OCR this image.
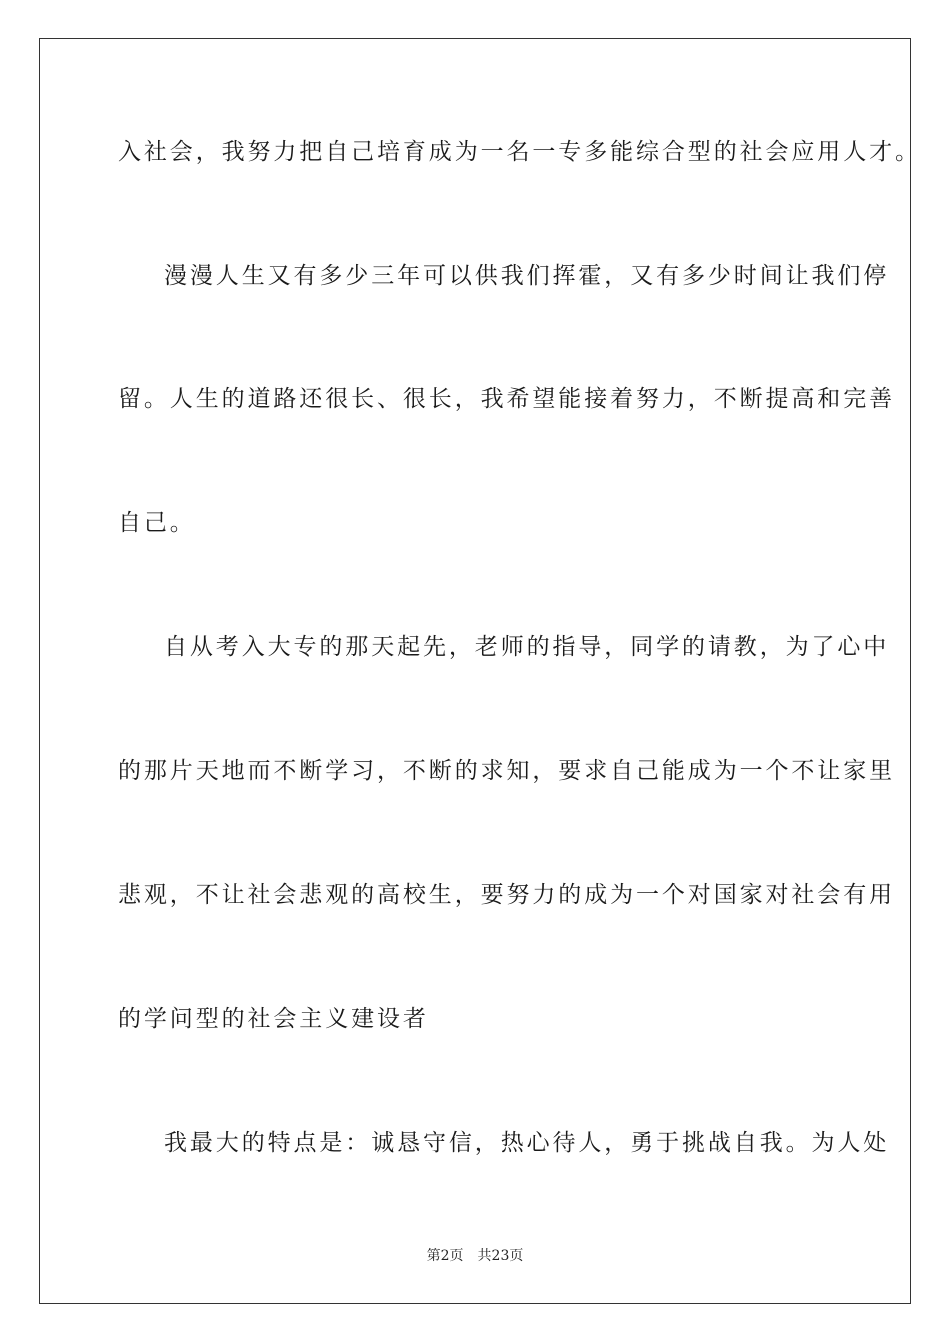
入社会，我努力把自己培育成为一名一专多能综合型的社会应用人才。
漫漫人生又有多少三年可以供我们挥霍，又有多少时间让我们停
留。人生的道路还很长、很长，我希望能接着努力，不断提高和完善
自己。
自从考入大专的那天起先，老师的指导，同学的请教，为了心中
的那片天地而不断学习，不断的求知，要求自己能成为一个不让家里
悲观，不让社会悲观的高校生，要努力的成为一个对国家对社会有用
的学问型的社会主义建设者
我最大的特点是：诚恳守信，热心待人，勇于挑战自我。为人处
第2页 共23页
